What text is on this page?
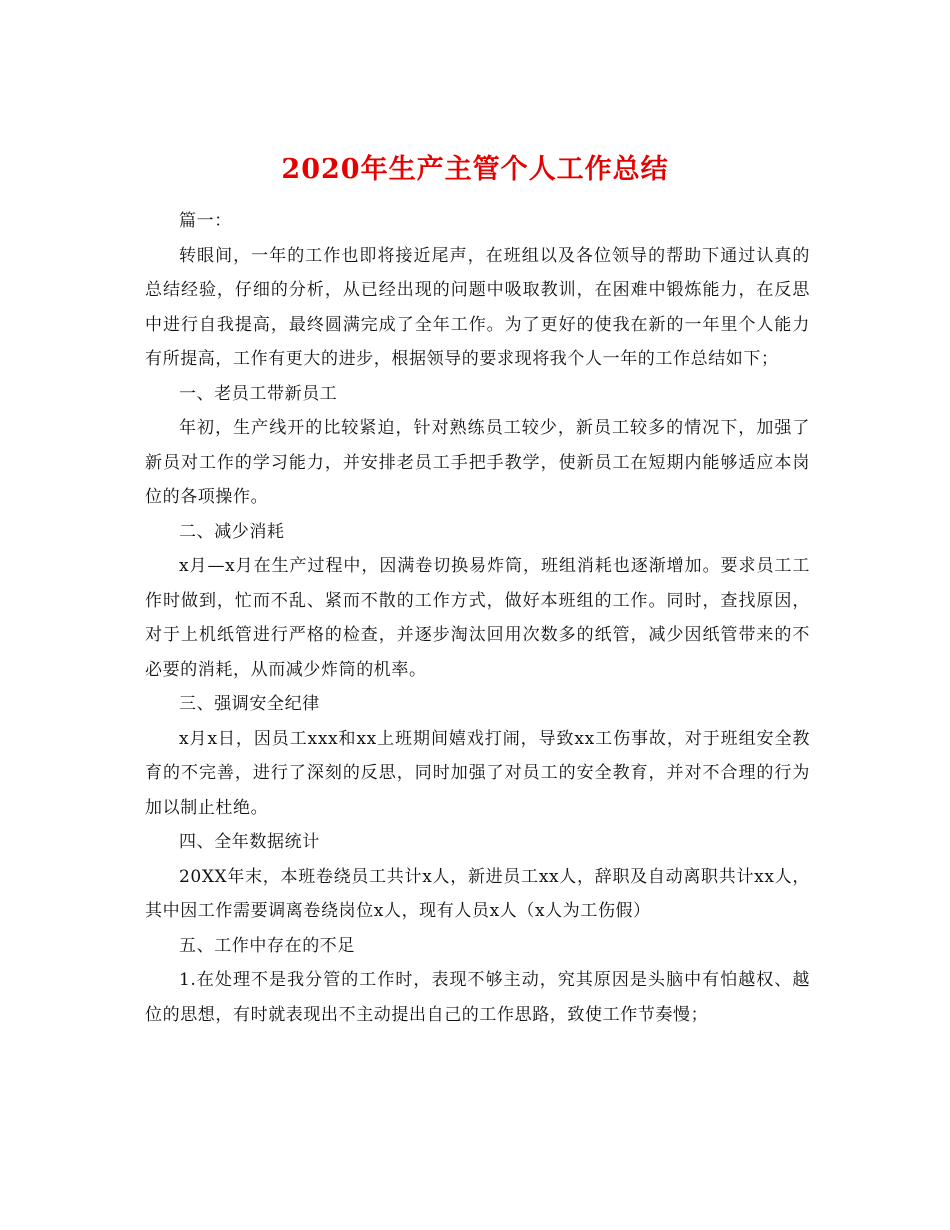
2020年生产主管个人工作总结

篇一：

转眼间，一年的工作也即将接近尾声，在班组以及各位领导的帮助下通过认真的总结经验，仔细的分析，从已经出现的问题中吸取教训，在困难中锻炼能力，在反思中进行自我提高，最终圆满完成了全年工作。为了更好的使我在新的一年里个人能力有所提高，工作有更大的进步，根据领导的要求现将我个人一年的工作总结如下；

一、老员工带新员工

年初，生产线开的比较紧迫，针对熟练员工较少，新员工较多的情况下，加强了新员对工作的学习能力，并安排老员工手把手教学，使新员工在短期内能够适应本岗位的各项操作。

二、减少消耗

x月—x月在生产过程中，因满卷切换易炸筒，班组消耗也逐渐增加。要求员工工作时做到，忙而不乱、紧而不散的工作方式，做好本班组的工作。同时，查找原因，对于上机纸管进行严格的检查，并逐步淘汰回用次数多的纸管，减少因纸管带来的不必要的消耗，从而减少炸筒的机率。

三、强调安全纪律

x月x日，因员工xxx和xx上班期间嬉戏打闹，导致xx工伤事故，对于班组安全教育的不完善，进行了深刻的反思，同时加强了对员工的安全教育，并对不合理的行为加以制止杜绝。

四、全年数据统计

20XX年末，本班卷绕员工共计x人，新进员工xx人，辞职及自动离职共计xx人，其中因工作需要调离卷绕岗位x人，现有人员x人（x人为工伤假）

五、工作中存在的不足

1.在处理不是我分管的工作时，表现不够主动，究其原因是头脑中有怕越权、越位的思想，有时就表现出不主动提出自己的工作思路，致使工作节奏慢；
